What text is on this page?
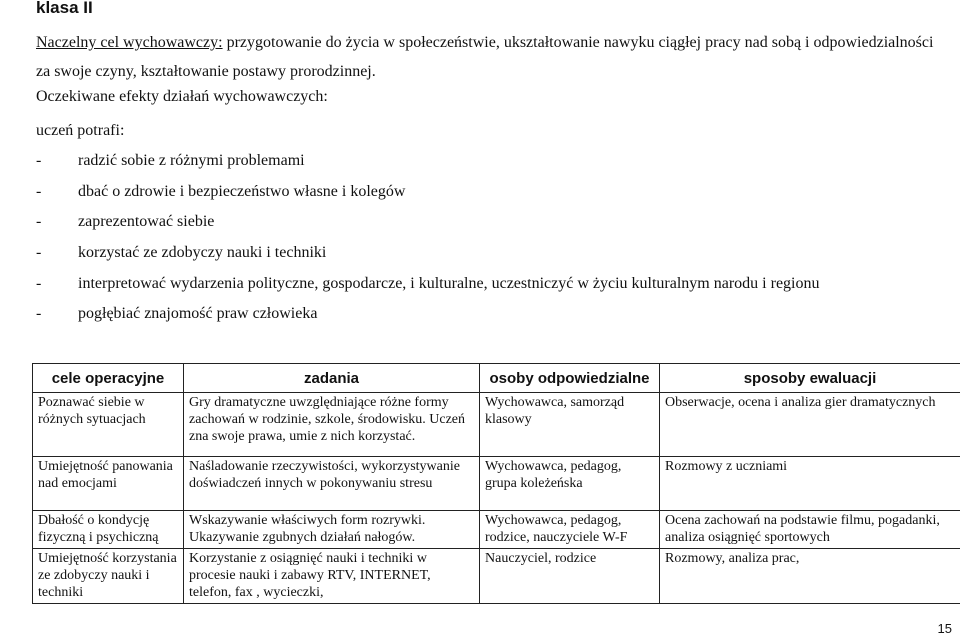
klasa II
Naczelny cel wychowawczy: przygotowanie do życia w społeczeństwie, ukształtowanie nawyku ciągłej pracy nad sobą i odpowiedzialności za swoje czyny, kształtowanie postawy prorodzinnej.
Oczekiwane efekty działań wychowawczych:
uczeń potrafi:
- radzić sobie z różnymi problemami
- dbać o zdrowie i bezpieczeństwo własne i kolegów
- zaprezentować siebie
- korzystać ze zdobyczy nauki i techniki
- interpretować wydarzenia polityczne, gospodarcze, i kulturalne, uczestniczyć w życiu kulturalnym narodu i regionu
- pogłębiać znajomość praw człowieka
cele operacyjne	zadania	osoby odpowiedzialne	sposoby ewaluacji
Poznawać siebie w różnych sytuacjach	Gry dramatyczne uwzględniające różne formy zachowań w rodzinie, szkole, środowisku. Uczeń zna swoje prawa, umie z nich korzystać.	Wychowawca, samorząd klasowy	Obserwacje, ocena i analiza gier dramatycznych
Umiejętność panowania nad emocjami	Naśladowanie rzeczywistości, wykorzystywanie doświadczeń innych w pokonywaniu stresu	Wychowawca, pedagog, grupa koleżeńska	Rozmowy z uczniami
Dbałość o kondycję fizyczną i psychiczną	Wskazywanie właściwych form rozrywki. Ukazywanie zgubnych działań nałogów.	Wychowawca, pedagog, rodzice, nauczyciele W-F	Ocena zachowań na podstawie filmu, pogadanki, analiza osiągnięć sportowych
Umiejętność korzystania ze zdobyczy nauki i techniki	Korzystanie z osiągnięć nauki i techniki w procesie nauki i zabawy RTV, INTERNET, telefon, fax , wycieczki,	Nauczyciel, rodzice	Rozmowy, analiza prac,
15
